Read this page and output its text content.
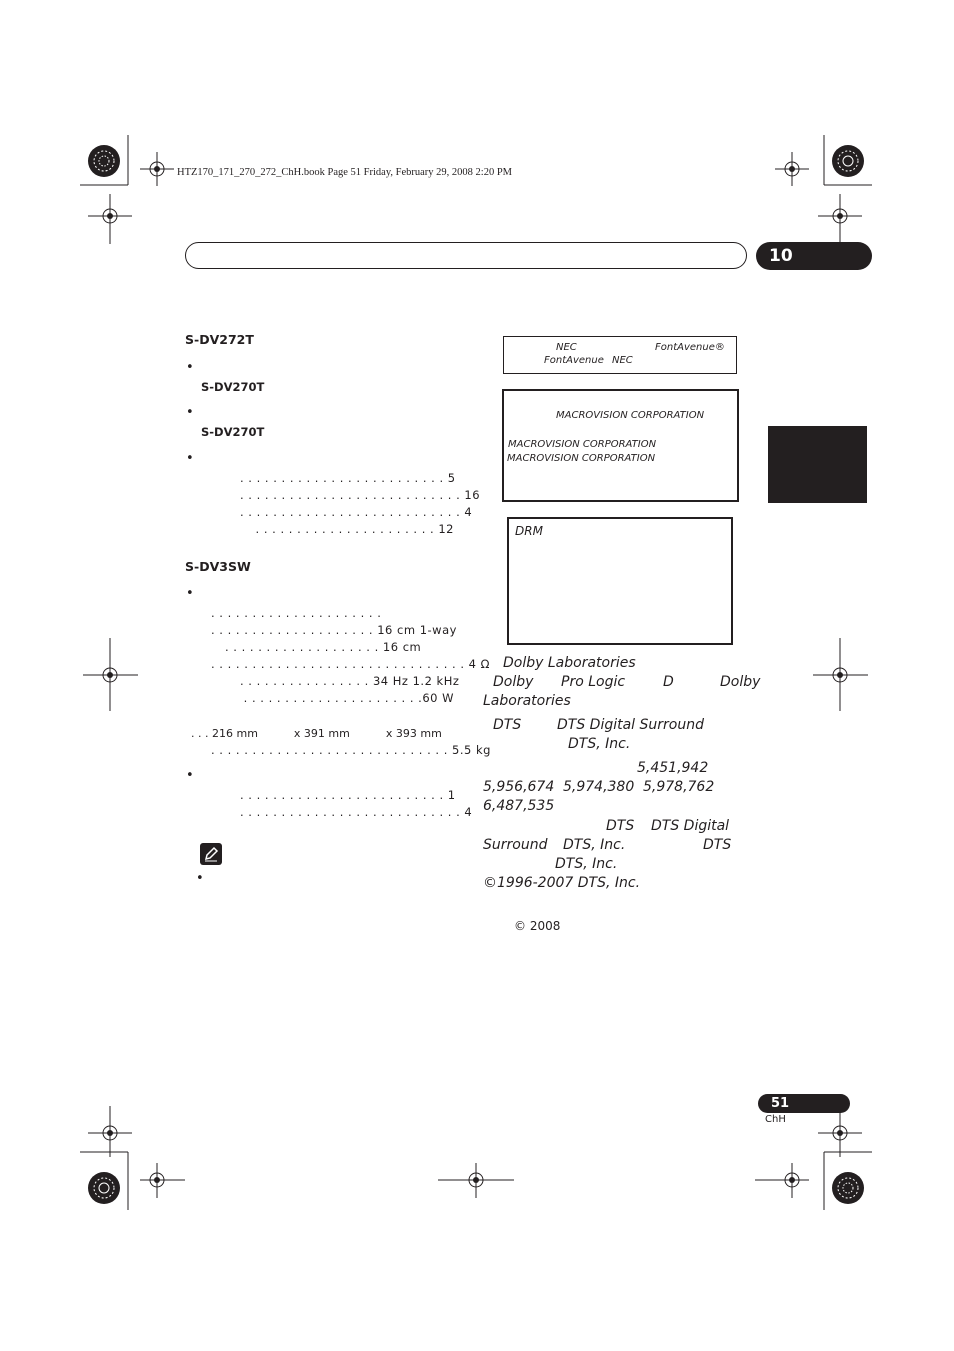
HTZ170_171_270_272_ChH.book Page 51 Friday, February 29, 2008 2:20 PM
10
S-DV272T
•
S-DV270T
•
S-DV270T
•
. . . . . . . . . . . . . . . . . . . . . . . . . 5
. . . . . . . . . . . . . . . . . . . . . . . . . . . 16
. . . . . . . . . . . . . . . . . . . . . . . . . . . 4
. . . . . . . . . . . . . . . . . . . . . . 12
S-DV3SW
•
. . . . . . . . . . . . . . . . . . . . .
. . . . . . . . . . . . . . . . . . . . 16 cm 1-way
. . . . . . . . . . . . . . . . . . . 16 cm
. . . . . . . . . . . . . . . . . . . . . . . . . . . . . . . 4 Ω
. . . . . . . . . . . . . . . . 34 Hz 1.2 kHz
. . . . . . . . . . . . . . . . . . . . . .60 W
. . . 216 mm	x 391 mm	x 393 mm
. . . . . . . . . . . . . . . . . . . . . . . . . . . . . 5.5 kg
•
. . . . . . . . . . . . . . . . . . . . . . . . . 1
. . . . . . . . . . . . . . . . . . . . . . . . . . . 4
•
NEC	FontAvenue®
FontAvenue NEC
MACROVISION CORPORATION
MACROVISION CORPORATION
MACROVISION CORPORATION
DRM
Dolby Laboratories
Dolby Pro Logic	D	Dolby
Laboratories
DTS	DTS Digital Surround
DTS, Inc.
5,451,942
5,956,674 5,974,380 5,978,762
6,487,535
DTS DTS Digital
Surround DTS, Inc.	DTS
DTS, Inc.
©1996-2007 DTS, Inc.
© 2008
51
ChH
